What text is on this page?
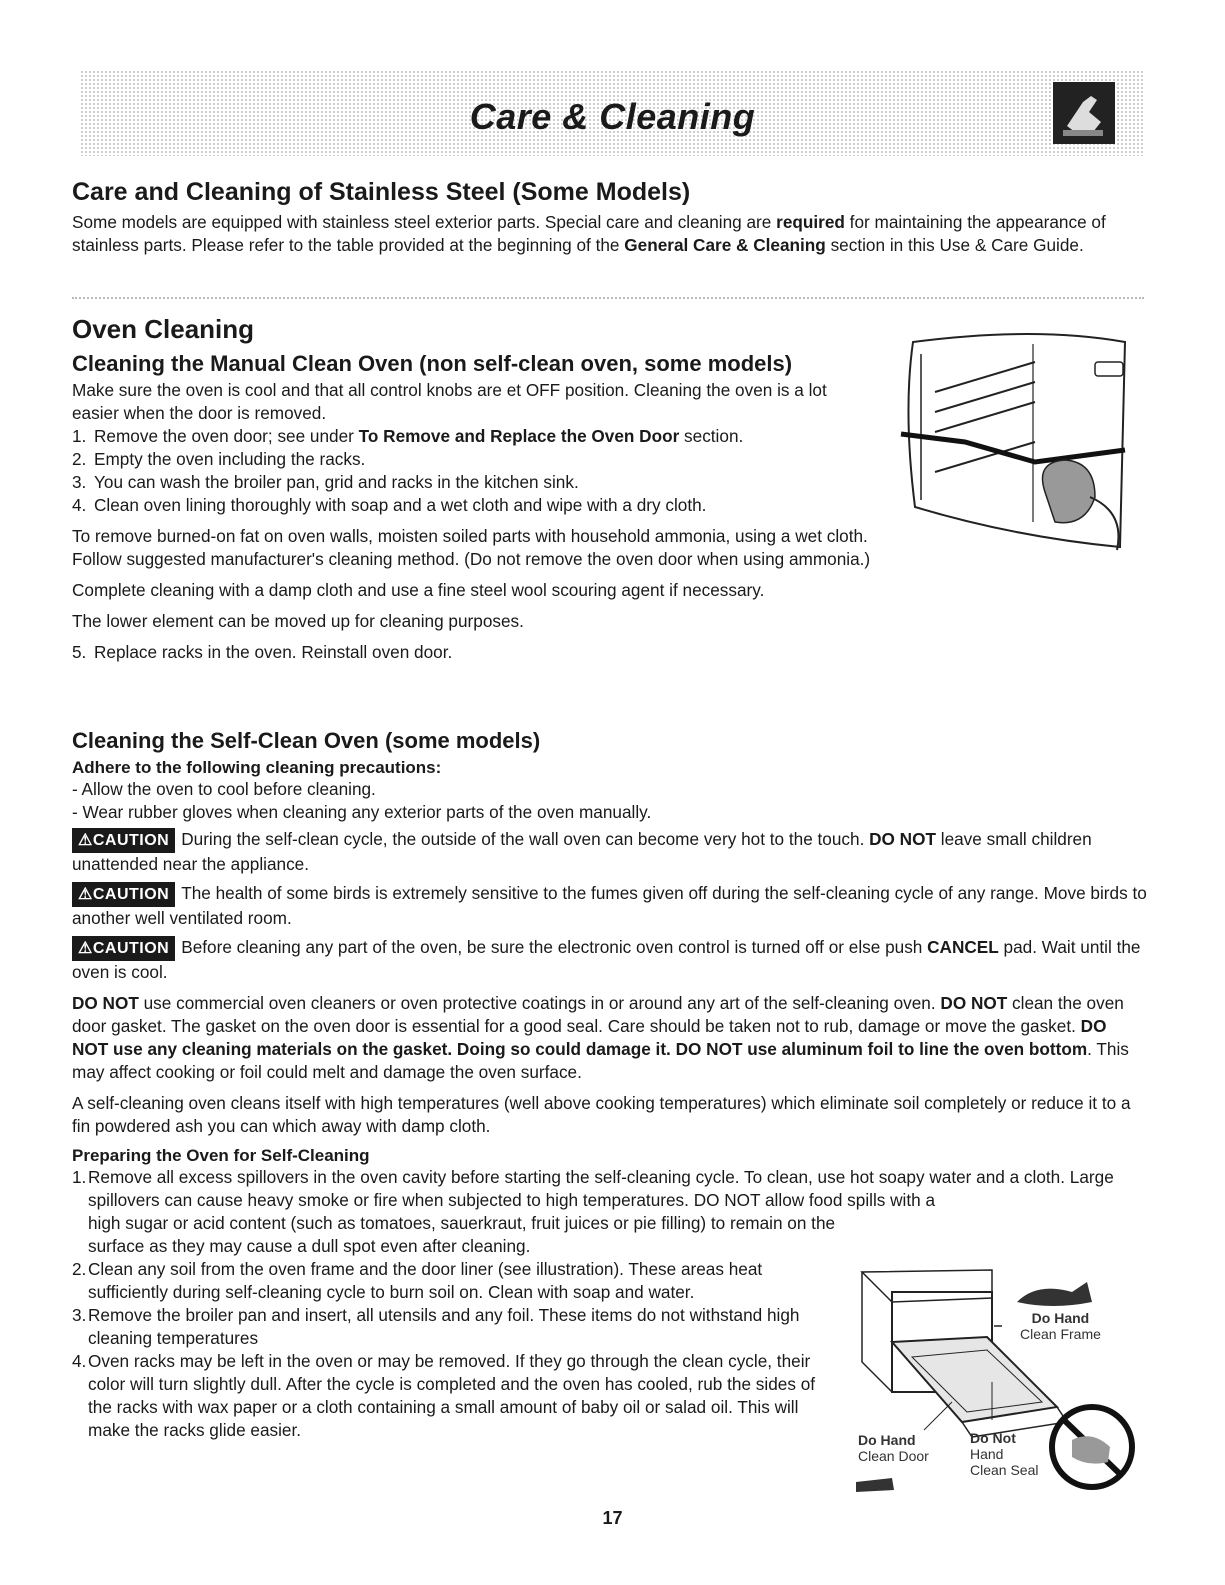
Care & Cleaning
Care and Cleaning of Stainless Steel (Some Models)

Some models are equipped with stainless steel exterior parts. Special care and cleaning are required for maintaining the appearance of stainless parts. Please refer to the table provided at the beginning of the General Care & Cleaning section in this Use & Care Guide.

Oven Cleaning
Cleaning the Manual Clean Oven (non self-clean oven, some models)

Make sure the oven is cool and that all control knobs are et OFF position. Cleaning the oven is a lot easier when the door is removed.

1. Remove the oven door; see under To Remove and Replace the Oven Door section.
2. Empty the oven including the racks.
3. You can wash the broiler pan, grid and racks in the kitchen sink.
4. Clean oven lining thoroughly with soap and a wet cloth and wipe with a dry cloth.

To remove burned-on fat on oven walls, moisten soiled parts with household ammonia, using a wet cloth. Follow suggested manufacturer's cleaning method. (Do not remove the oven door when using ammonia.)

Complete cleaning with a damp cloth and use a fine steel wool scouring agent if necessary.

The lower element can be moved up for cleaning purposes.

5. Replace racks in the oven. Reinstall oven door.
Cleaning the Self-Clean Oven (some models)
Adhere to the following cleaning precautions:

- Allow the oven to cool before cleaning.

- Wear rubber gloves when cleaning any exterior parts of the oven manually.

⚠CAUTION During the self-clean cycle, the outside of the wall oven can become very hot to the touch. DO NOT leave small children unattended near the appliance.

⚠CAUTION The health of some birds is extremely sensitive to the fumes given off during the self-cleaning cycle of any range. Move birds to another well ventilated room.

⚠CAUTION Before cleaning any part of the oven, be sure the electronic oven control is turned off or else push CANCEL pad. Wait until the oven is cool.

DO NOT use commercial oven cleaners or oven protective coatings in or around any art of the self-cleaning oven. DO NOT clean the oven door gasket. The gasket on the oven door is essential for a good seal. Care should be taken not to rub, damage or move the gasket. DO NOT use any cleaning materials on the gasket. Doing so could damage it. DO NOT use aluminum foil to line the oven bottom. This may affect cooking or foil could melt and damage the oven surface.

A self-cleaning oven cleans itself with high temperatures (well above cooking temperatures) which eliminate soil completely or reduce it to a fin powdered ash you can which away with damp cloth.

Preparing the Oven for Self-Cleaning
1. Remove all excess spillovers in the oven cavity before starting the self-cleaning cycle. To clean, use hot soapy water and a cloth. Large spillovers can cause heavy smoke or fire when subjected to high temperatures. DO NOT allow food spills with a
high sugar or acid content (such as tomatoes, sauerkraut, fruit juices or pie filling) to remain on the surface as they may cause a dull spot even after cleaning.
2. Clean any soil from the oven frame and the door liner (see illustration). These areas heat sufficiently during self-cleaning cycle to burn soil on. Clean with soap and water.
3. Remove the broiler pan and insert, all utensils and any foil. These items do not withstand high cleaning temperatures
4. Oven racks may be left in the oven or may be removed. If they go through the clean cycle, their color will turn slightly dull. After the cycle is completed and the oven has cooled, rub the sides of the racks with wax paper or a cloth containing a small amount of baby oil or salad oil. This will make the racks glide easier.
Do Hand
Clean Frame
Do Hand
Clean Door
Do Not
Hand
Clean Seal
17
